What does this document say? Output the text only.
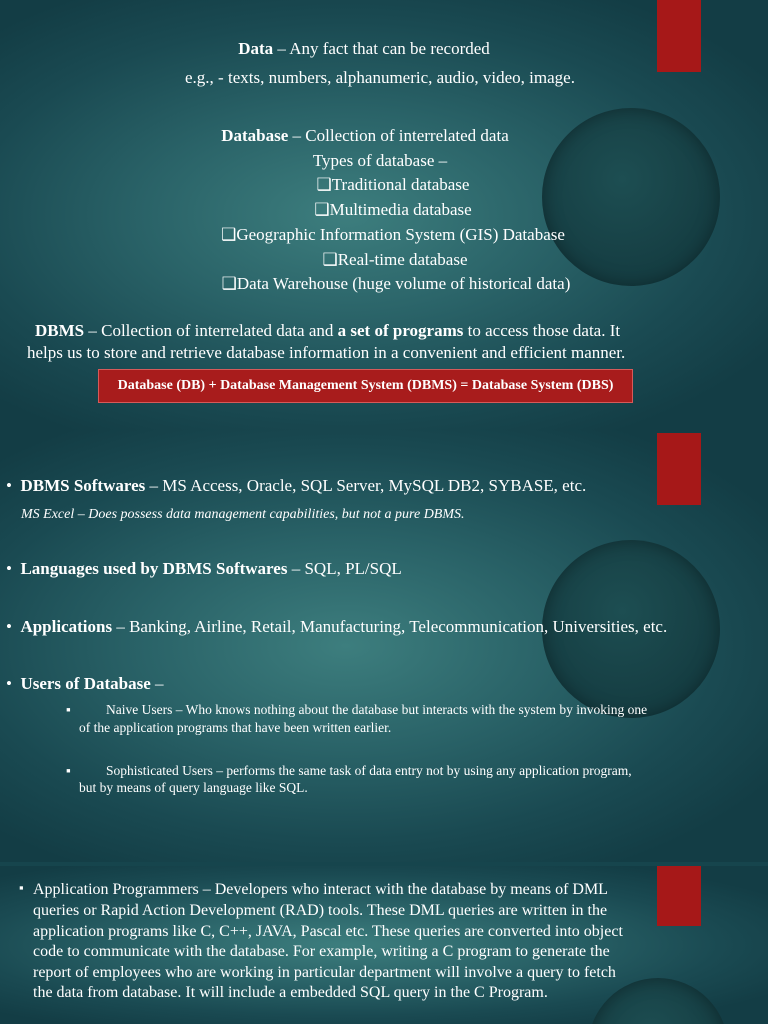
Data – Any fact that can be recorded
e.g., - texts, numbers, alphanumeric, audio, video, image.
Database – Collection of interrelated data
Types of database –
❑Traditional database
❑Multimedia database
❑Geographic Information System (GIS) Database
❑Real-time database
❑Data Warehouse (huge volume of historical data)
DBMS – Collection of interrelated data and a set of programs to access those data. It
helps us to store and retrieve database information in a convenient and efficient manner.
Database (DB) + Database Management System (DBMS) = Database System (DBS)
• DBMS Softwares – MS Access, Oracle, SQL Server, MySQL DB2, SYBASE, etc.
MS Excel – Does possess data management capabilities, but not a pure DBMS.
• Languages used by DBMS Softwares – SQL, PL/SQL
• Applications – Banking, Airline, Retail, Manufacturing, Telecommunication, Universities, etc.
• Users of Database –
▪	Naive Users – Who knows nothing about the database but interacts with the system by invoking one
of the application programs that have been written earlier.
▪	Sophisticated Users – performs the same task of data entry not by using any application program,
but by means of query language like SQL.
▪ Application Programmers – Developers who interact with the database by means of DML
queries or Rapid Action Development (RAD) tools. These DML queries are written in the
application programs like C, C++, JAVA, Pascal etc. These queries are converted into object
code to communicate with the database. For example, writing a C program to generate the
report of employees who are working in particular department will involve a query to fetch
the data from database. It will include a embedded SQL query in the C Program.
